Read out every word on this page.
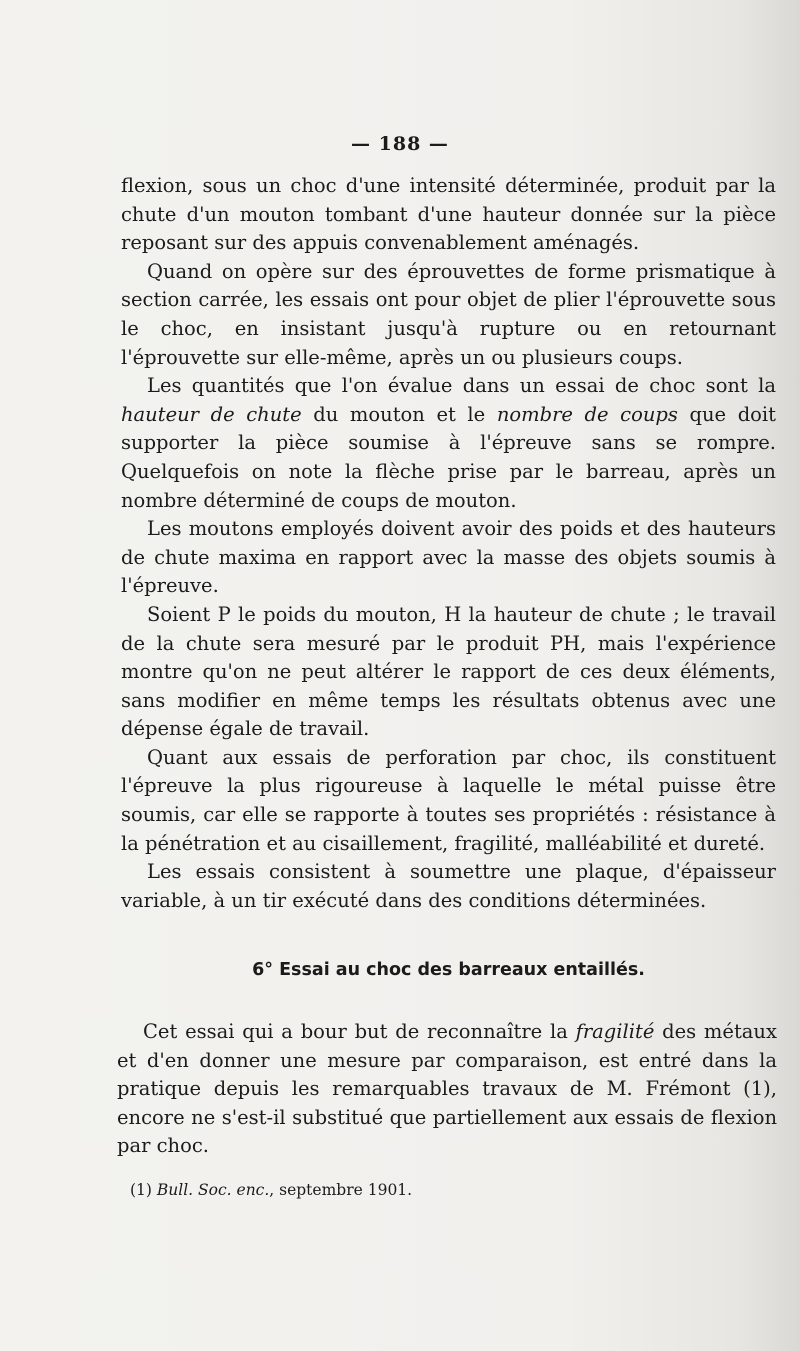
— 188 —

flexion, sous un choc d'une intensité déterminée, produit par la chute d'un mouton tombant d'une hauteur donnée sur la pièce reposant sur des appuis convenablement aménagés.

Quand on opère sur des éprouvettes de forme prismatique à section carrée, les essais ont pour objet de plier l'éprouvette sous le choc, en insistant jusqu'à rupture ou en retournant l'éprouvette sur elle-même, après un ou plusieurs coups.

Les quantités que l'on évalue dans un essai de choc sont la hauteur de chute du mouton et le nombre de coups que doit supporter la pièce soumise à l'épreuve sans se rompre. Quelquefois on note la flèche prise par le barreau, après un nombre déterminé de coups de mouton.

Les moutons employés doivent avoir des poids et des hauteurs de chute maxima en rapport avec la masse des objets soumis à l'épreuve.

Soient P le poids du mouton, H la hauteur de chute ; le travail de la chute sera mesuré par le produit PH, mais l'expérience montre qu'on ne peut altérer le rapport de ces deux éléments, sans modifier en même temps les résultats obtenus avec une dépense égale de travail.

Quant aux essais de perforation par choc, ils constituent l'épreuve la plus rigoureuse à laquelle le métal puisse être soumis, car elle se rapporte à toutes ses propriétés : résistance à la pénétration et au cisaillement, fragilité, malléabilité et dureté.

Les essais consistent à soumettre une plaque, d'épaisseur variable, à un tir exécuté dans des conditions déterminées.

6° Essai au choc des barreaux entaillés.

Cet essai qui a bour but de reconnaître la fragilité des métaux et d'en donner une mesure par comparaison, est entré dans la pratique depuis les remarquables travaux de M. Frémont (1), encore ne s'est-il substitué que partiellement aux essais de flexion par choc.

(1) Bull. Soc. enc., septembre 1901.
